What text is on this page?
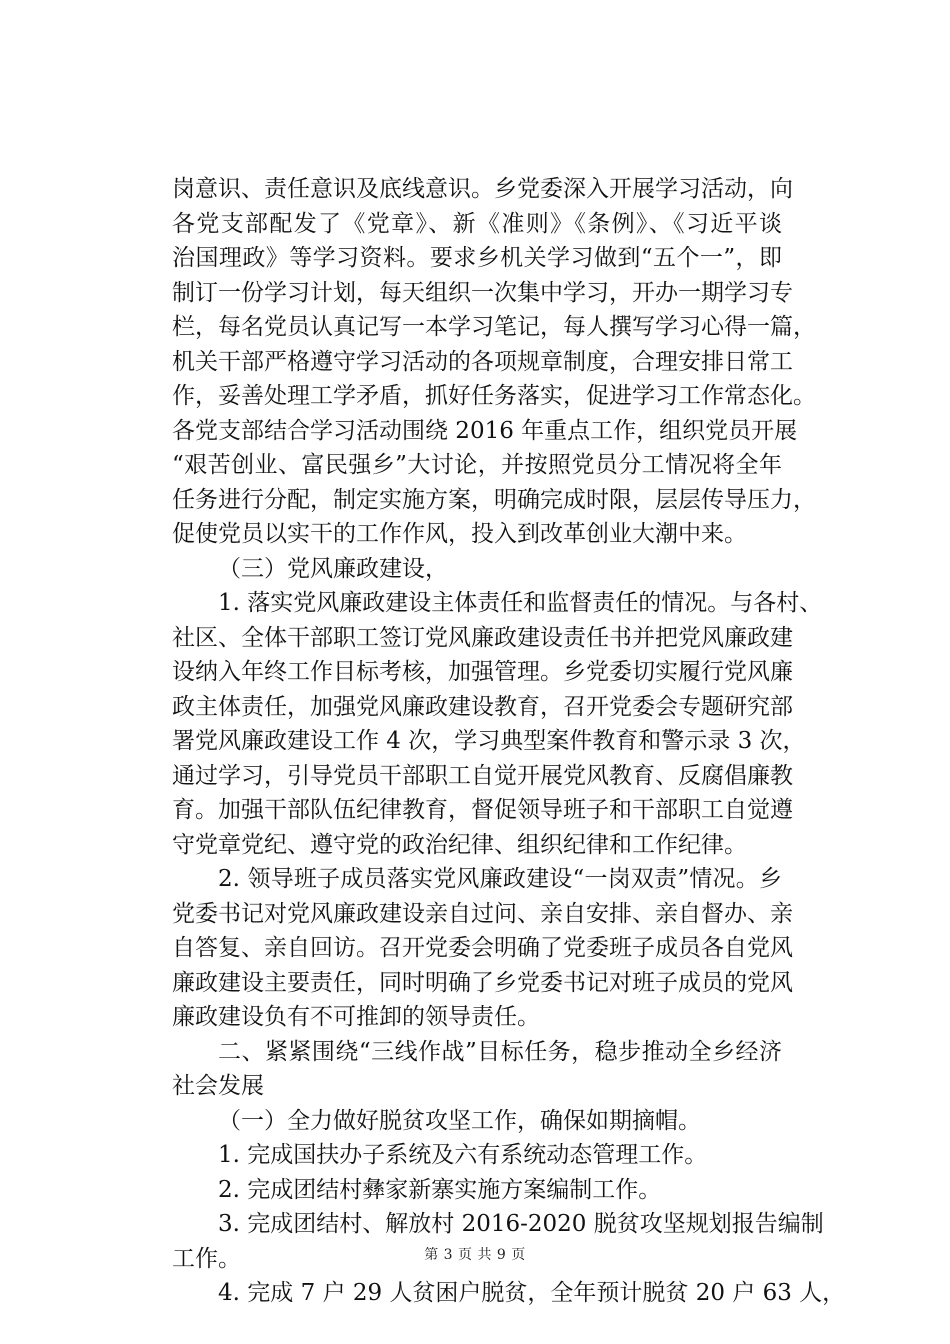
岗意识、责任意识及底线意识。乡党委深入开展学习活动，向
各党支部配发了《党章》、新《准则》《条例》、《习近平谈
治国理政》等学习资料。要求乡机关学习做到“五个一”，即
制订一份学习计划，每天组织一次集中学习，开办一期学习专
栏，每名党员认真记写一本学习笔记，每人撰写学习心得一篇，
机关干部严格遵守学习活动的各项规章制度，合理安排日常工
作，妥善处理工学矛盾，抓好任务落实，促进学习工作常态化。
各党支部结合学习活动围绕 2016 年重点工作，组织党员开展
“艰苦创业、富民强乡”大讨论，并按照党员分工情况将全年
任务进行分配，制定实施方案，明确完成时限，层层传导压力，
促使党员以实干的工作作风，投入到改革创业大潮中来。
（三）党风廉政建设，
1. 落实党风廉政建设主体责任和监督责任的情况。与各村、
社区、全体干部职工签订党风廉政建设责任书并把党风廉政建
设纳入年终工作目标考核，加强管理。乡党委切实履行党风廉
政主体责任，加强党风廉政建设教育，召开党委会专题研究部
署党风廉政建设工作 4 次，学习典型案件教育和警示录 3 次，
通过学习，引导党员干部职工自觉开展党风教育、反腐倡廉教
育。加强干部队伍纪律教育，督促领导班子和干部职工自觉遵
守党章党纪、遵守党的政治纪律、组织纪律和工作纪律。
2. 领导班子成员落实党风廉政建设“一岗双责”情况。乡
党委书记对党风廉政建设亲自过问、亲自安排、亲自督办、亲
自答复、亲自回访。召开党委会明确了党委班子成员各自党风
廉政建设主要责任，同时明确了乡党委书记对班子成员的党风
廉政建设负有不可推卸的领导责任。
二、紧紧围绕“三线作战”目标任务，稳步推动全乡经济
社会发展
（一）全力做好脱贫攻坚工作，确保如期摘帽。
1. 完成国扶办子系统及六有系统动态管理工作。
2. 完成团结村彝家新寨实施方案编制工作。
3. 完成团结村、解放村 2016-2020 脱贫攻坚规划报告编制
工作。
4. 完成 7 户 29 人贫困户脱贫，全年预计脱贫 20 户 63 人，
第 3 页 共 9 页
